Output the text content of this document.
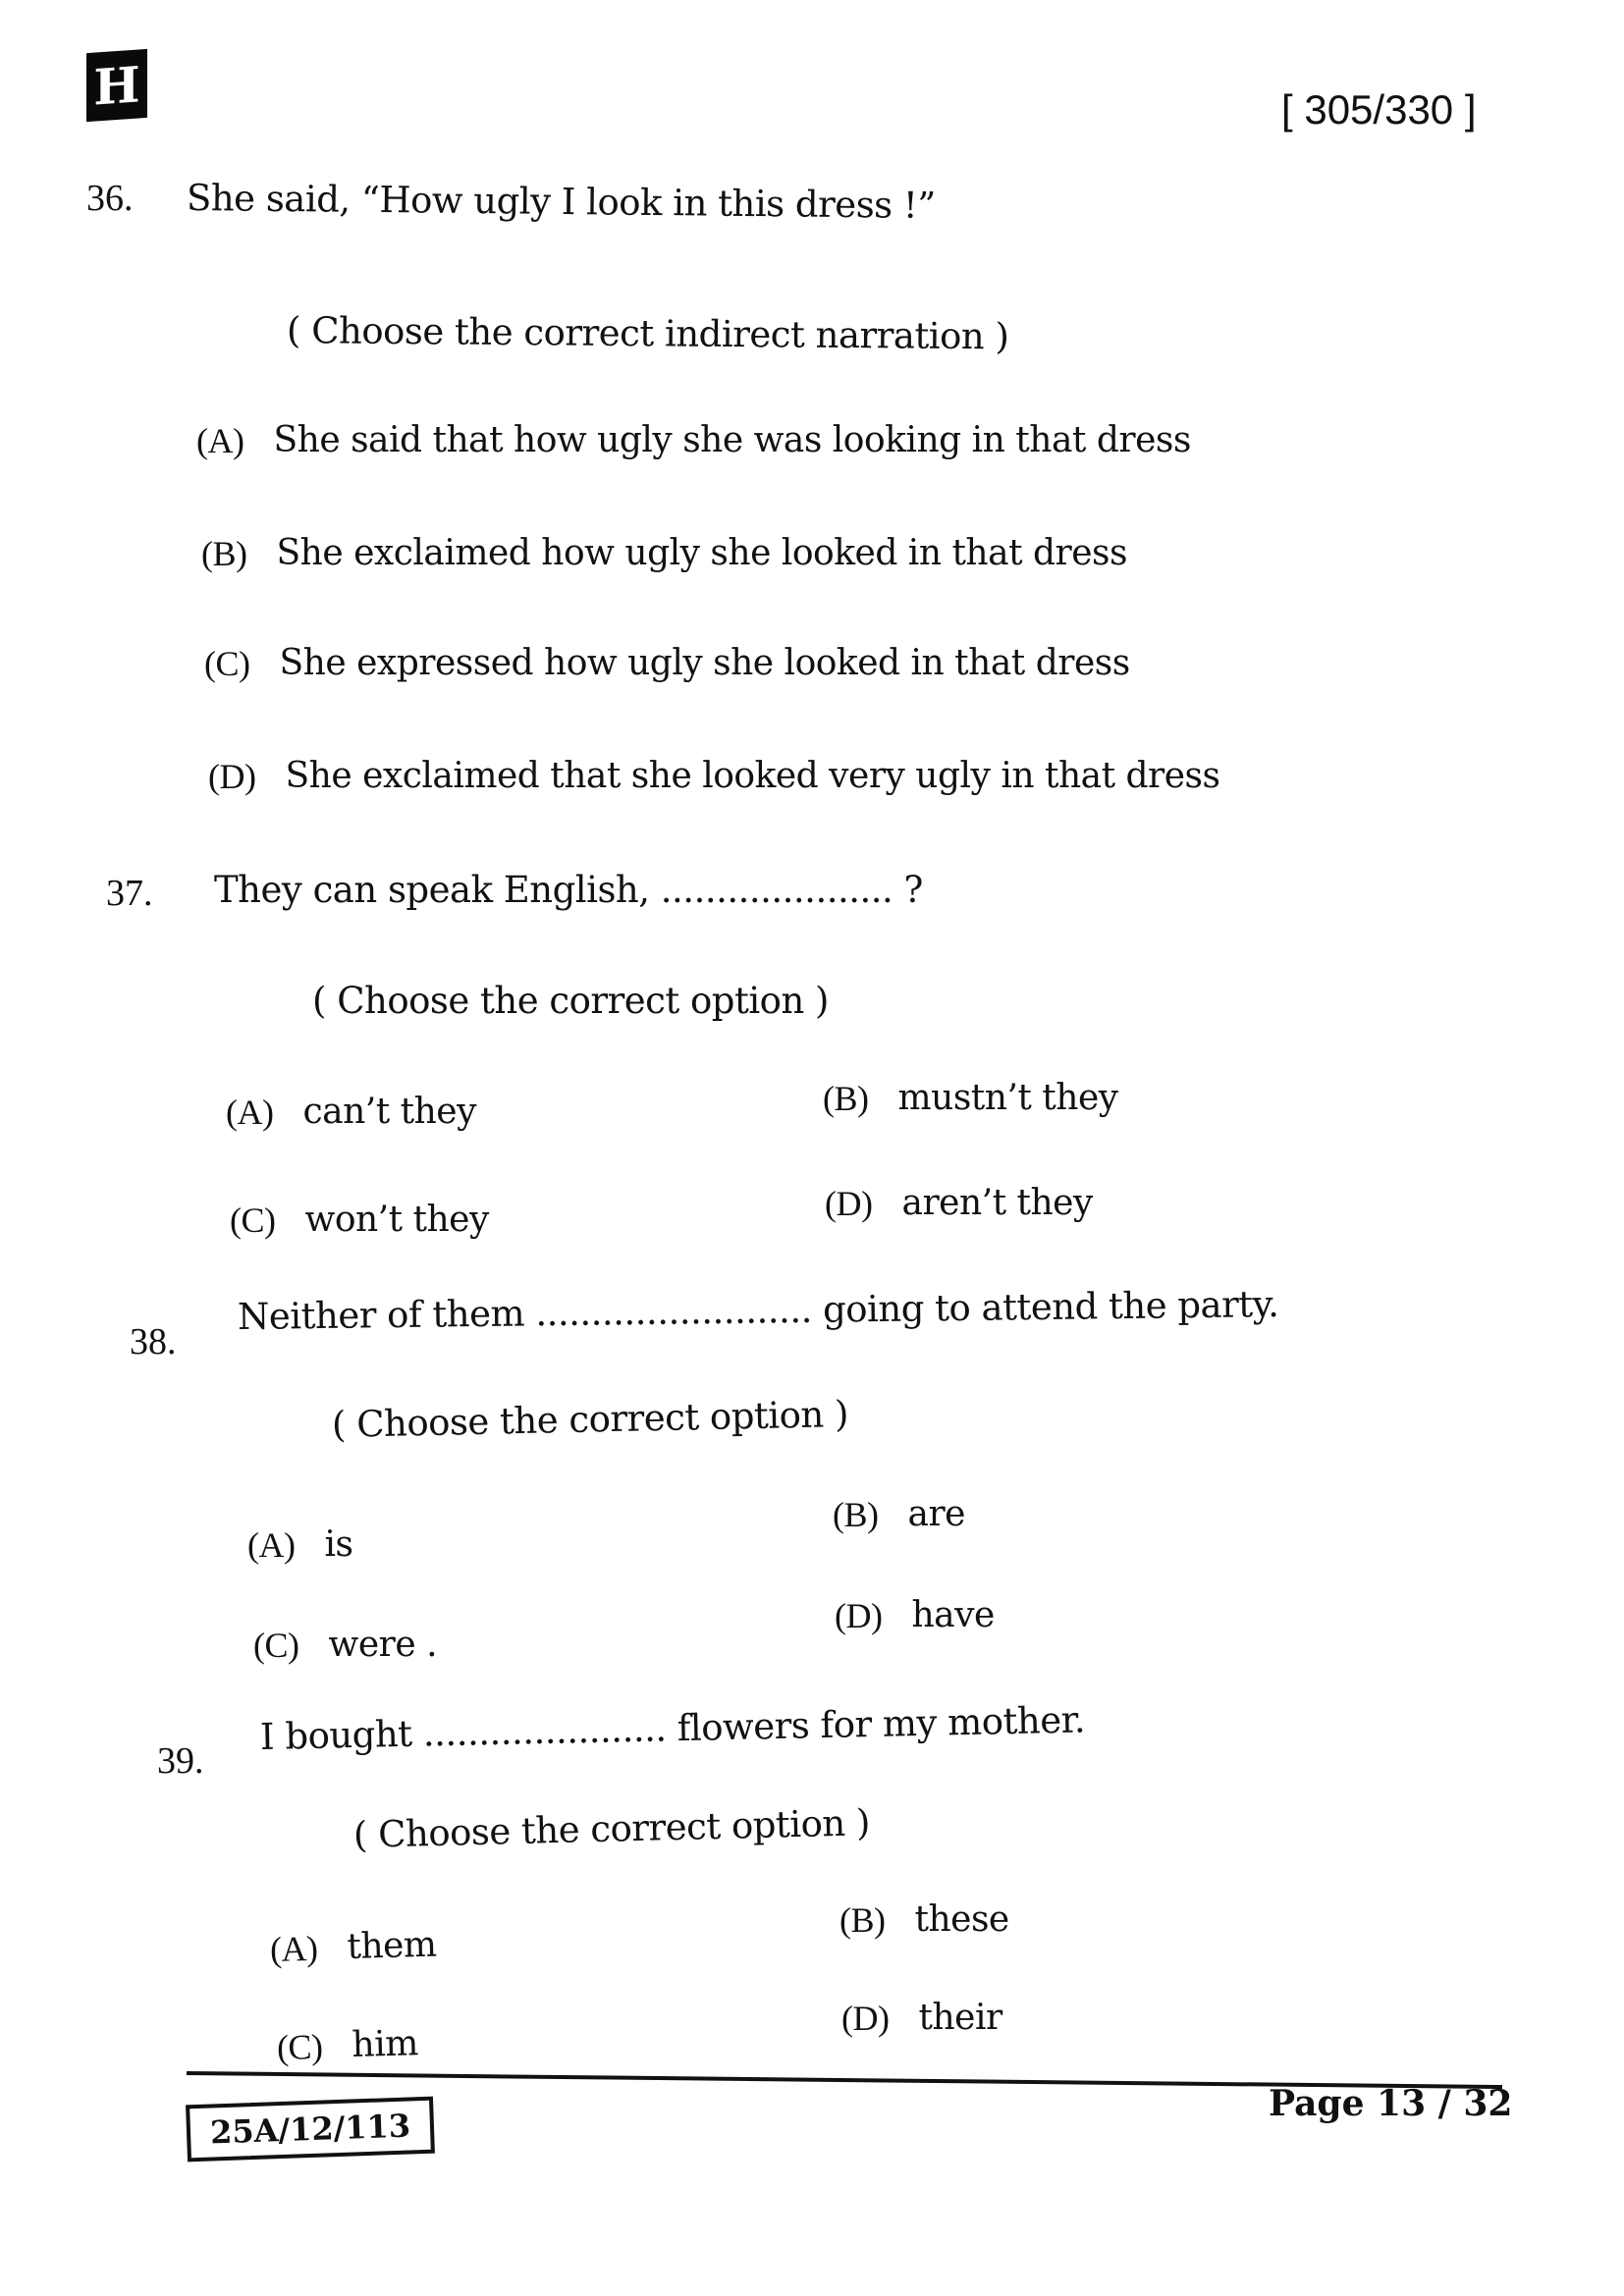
H	[ 305/330 ]
36. She said, “How ugly I look in this dress !”
( Choose the correct indirect narration )
(A) She said that how ugly she was looking in that dress
(B) She exclaimed how ugly she looked in that dress
(C) She expressed how ugly she looked in that dress
(D) She exclaimed that she looked very ugly in that dress
37. They can speak English, ..................... ?
( Choose the correct option )
(A) can’t they	(B) mustn’t they
(C) won’t they	(D) aren’t they
38.
Neither of them ......................... going to attend the party.
( Choose the correct option )
(A) is
(B) are
(C) were .
(D) have
39.
I bought ...................... flowers for my mother.
( Choose the correct option )
(A) them
(B) these
(C) him
(D) their
25A/12/113
Page 13 / 32
